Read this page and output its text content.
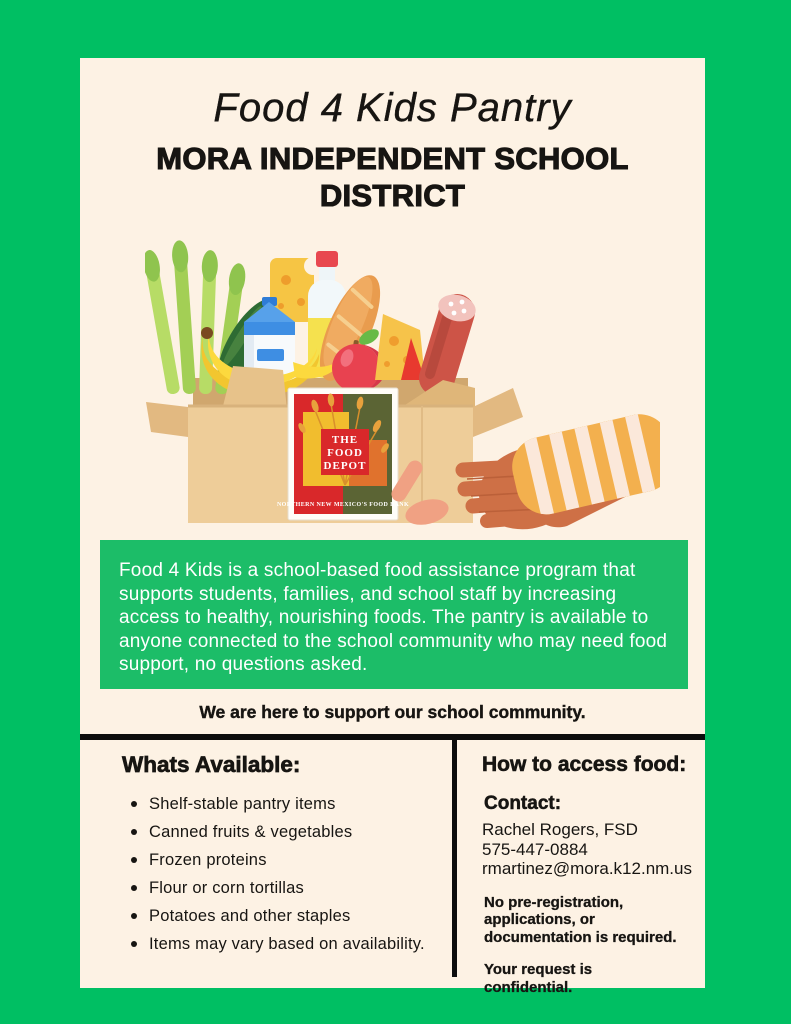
Food 4 Kids Pantry
MORA INDEPENDENT SCHOOL
DISTRICT
THE
FOOD
DEPOT
NORTHERN NEW MEXICO'S FOOD BANK

Food 4 Kids is a school-based food assistance program that supports students, families, and school staff by increasing access to healthy, nourishing foods. The pantry is available to anyone connected to the school community who may need food support, no questions asked.

We are here to support our school community.
Whats Available:
Shelf-stable pantry items
Canned fruits & vegetables
Frozen proteins
Flour or corn tortillas
Potatoes and other staples
Items may vary based on availability.
How to access food:
Contact:
Rachel Rogers, FSD
575-447-0884
rmartinez@mora.k12.nm.us

No pre-registration, applications, or documentation is required.

Your request is confidential.
